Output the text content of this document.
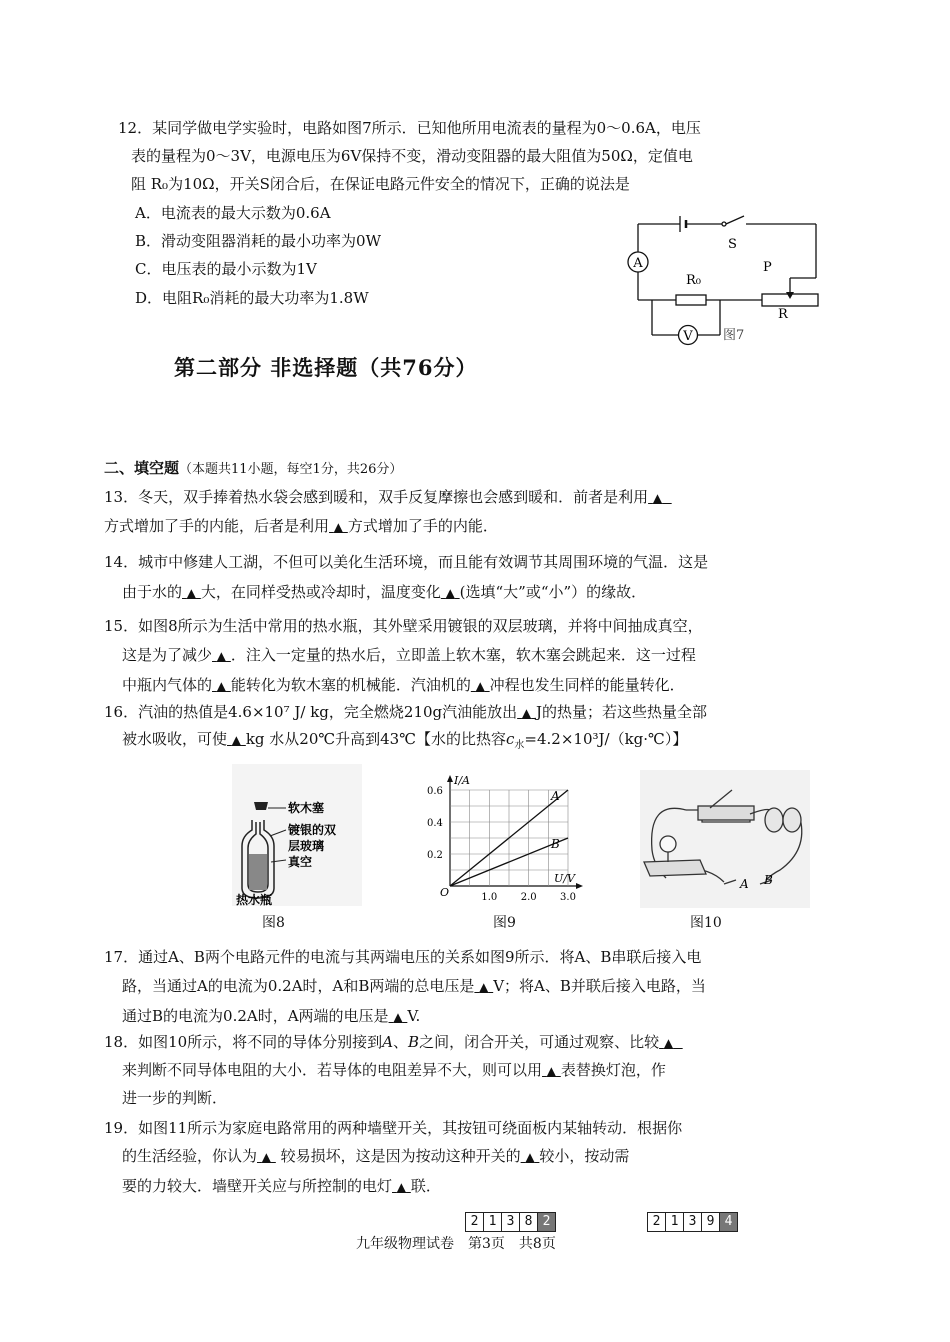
12．某同学做电学实验时，电路如图7所示．已知他所用电流表的量程为0～0.6A，电压
表的量程为0～3V，电源电压为6V保持不变，滑动变阻器的最大阻值为50Ω，定值电
阻 R₀为10Ω，开关S闭合后，在保证电路元件安全的情况下，正确的说法是
A．电流表的最大示数为0.6A
B．滑动变阻器消耗的最小功率为0W
C．电压表的最小示数为1V
D．电阻R₀消耗的最大功率为1.8W
A
V
S
P
R₀
R
图7
第二部分 非选择题（共76分）
二、填空题（本题共11小题，每空1分，共26分）
13．冬天，双手捧着热水袋会感到暖和，双手反复摩擦也会感到暖和．前者是利用 ▲
方式增加了手的内能，后者是利用 ▲ 方式增加了手的内能．
14．城市中修建人工湖，不但可以美化生活环境，而且能有效调节其周围环境的气温．这是
由于水的 ▲ 大，在同样受热或冷却时，温度变化 ▲ (选填“大”或“小”）的缘故．
15．如图8所示为生活中常用的热水瓶，其外壁采用镀银的双层玻璃，并将中间抽成真空，
这是为了减少 ▲ ．注入一定量的热水后，立即盖上软木塞，软木塞会跳起来．这一过程
中瓶内气体的 ▲ 能转化为软木塞的机械能．汽油机的 ▲ 冲程也发生同样的能量转化．
16．汽油的热值是4.6×10⁷ J/ kg，完全燃烧210g汽油能放出 ▲ J的热量；若这些热量全部
被水吸收，可使 ▲ kg 水从20℃升高到43℃【水的比热容$c_水=4.2\times 10^3J/(kg\cdot℃)$】
软木塞
镀银的双
层玻璃
真空
热水瓶
I/A
U/V
O
0.6
0.4
0.2
1.0 2.0 3.0
A
B
A B
图8	图9	图10
17．通过A、B两个电路元件的电流与其两端电压的关系如图9所示．将A、B串联后接入电
路，当通过A的电流为0.2A时，A和B两端的总电压是 ▲ V；将A、B并联后接入电路，当
通过B的电流为0.2A时，A两端的电压是 ▲ V.
18．如图10所示，将不同的导体分别接到A、B之间，闭合开关，可通过观察、比较 ▲
来判断不同导体电阻的大小．若导体的电阻差异不大，则可以用 ▲ 表替换灯泡，作
进一步的判断．
19．如图11所示为家庭电路常用的两种墙壁开关，其按钮可绕面板内某轴转动．根据你
的生活经验，你认为 ▲ 较易损坏，这是因为按动这种开关的 ▲ 较小，按动需
要的力较大．墙壁开关应与所控制的电灯 ▲ 联．
2 1 3 8 2	2 1 3 9 4
九年级物理试卷　第3页　共8页
